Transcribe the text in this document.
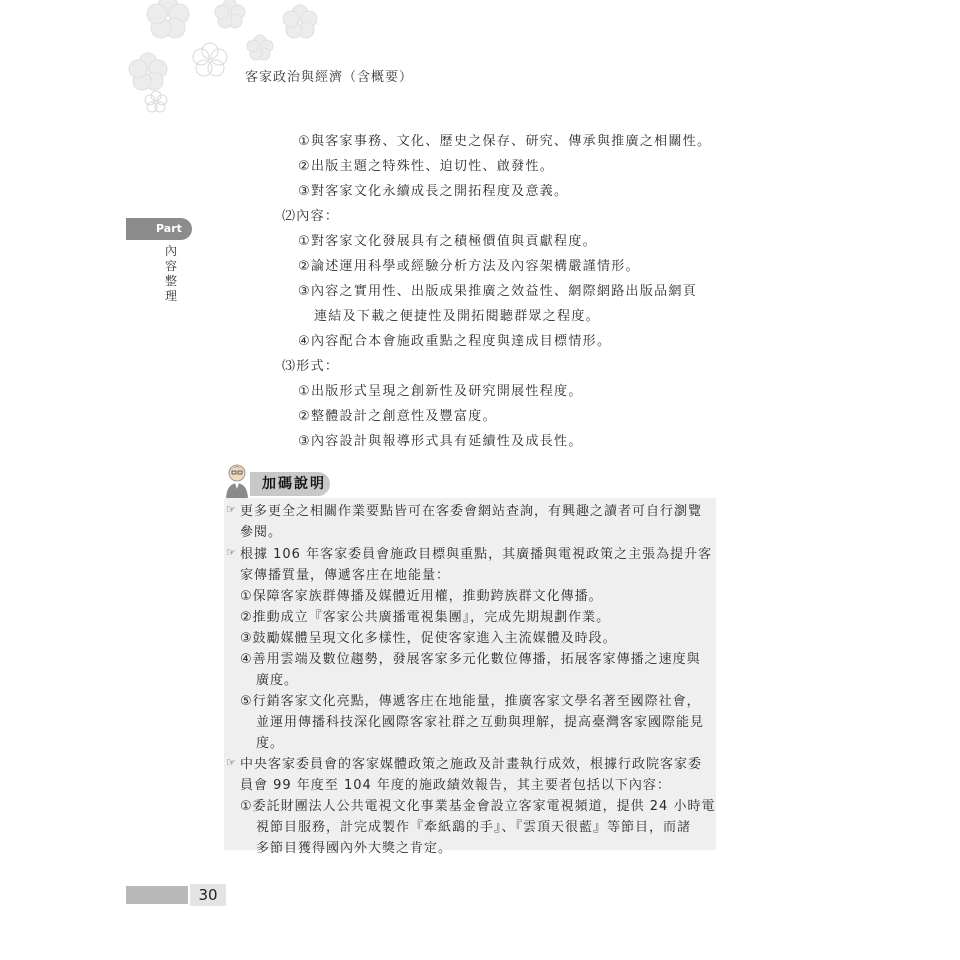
客家政治與經濟（含概要）
Part 1 內
容
整
理
①與客家事務、文化、歷史之保存、研究、傳承與推廣之相關性。
②出版主題之特殊性、迫切性、啟發性。
③對客家文化永續成長之開拓程度及意義。
⑵內容：
①對客家文化發展具有之積極價值與貢獻程度。
②論述運用科學或經驗分析方法及內容架構嚴謹情形。
③內容之實用性、出版成果推廣之效益性、網際網路出版品網頁
連結及下載之便捷性及開拓閱聽群眾之程度。
④內容配合本會施政重點之程度與達成目標情形。
⑶形式：
①出版形式呈現之創新性及研究開展性程度。
②整體設計之創意性及豐富度。
③內容設計與報導形式具有延續性及成長性。
加碼說明
☞ 更多更全之相關作業要點皆可在客委會網站查詢，有興趣之讀者可自行瀏覽
參閱。
☞ 根據 106 年客家委員會施政目標與重點，其廣播與電視政策之主張為提升客
家傳播質量，傳遞客庄在地能量：
①保障客家族群傳播及媒體近用權，推動跨族群文化傳播。
②推動成立『客家公共廣播電視集團』，完成先期規劃作業。
③鼓勵媒體呈現文化多樣性，促使客家進入主流媒體及時段。
④善用雲端及數位趨勢，發展客家多元化數位傳播，拓展客家傳播之速度與
廣度。
⑤行銷客家文化亮點，傳遞客庄在地能量，推廣客家文學名著至國際社會，
並運用傳播科技深化國際客家社群之互動與理解，提高臺灣客家國際能見
度。
☞ 中央客家委員會的客家媒體政策之施政及計畫執行成效，根據行政院客家委
員會 99 年度至 104 年度的施政績效報告，其主要者包括以下內容：
①委託財團法人公共電視文化事業基金會設立客家電視頻道，提供 24 小時電
視節目服務，計完成製作『牽紙鷂的手』、『雲頂天很藍』等節目，而諸
多節目獲得國內外大獎之肯定。
30
